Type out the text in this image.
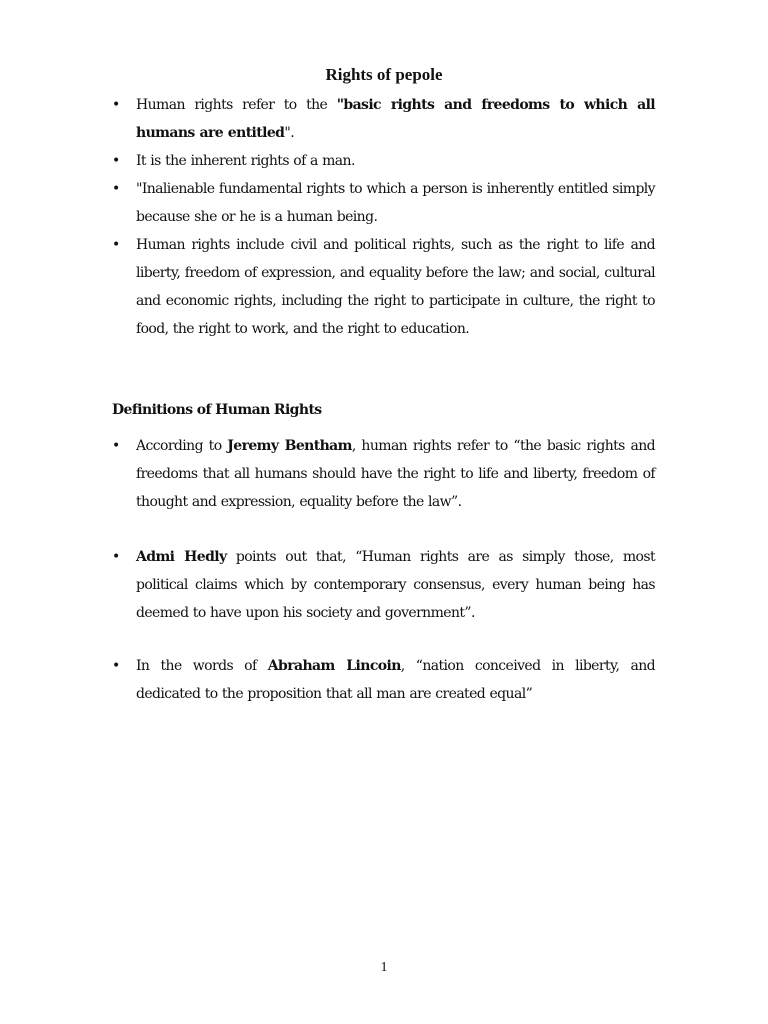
Rights of pepole
•	Human rights refer to the "basic rights and freedoms to which all humans are entitled".
•	It is the inherent rights of a man.
•	"Inalienable fundamental rights to which a person is inherently entitled simply because she or he is a human being.
•	Human rights include civil and political rights, such as the right to life and liberty, freedom of expression, and equality before the law; and social, cultural and economic rights, including the right to participate in culture, the right to food, the right to work, and the right to education.
Definitions of Human Rights
•	According to Jeremy Bentham, human rights refer to “the basic rights and freedoms that all humans should have the right to life and liberty, freedom of thought and expression, equality before the law”.
•	Admi Hedly points out that, “Human rights are as simply those, most political claims which by contemporary consensus, every human being has deemed to have upon his society and government”.
•	In the words of Abraham Lincoin, “nation conceived in liberty, and dedicated to the proposition that all man are created equal”
1
